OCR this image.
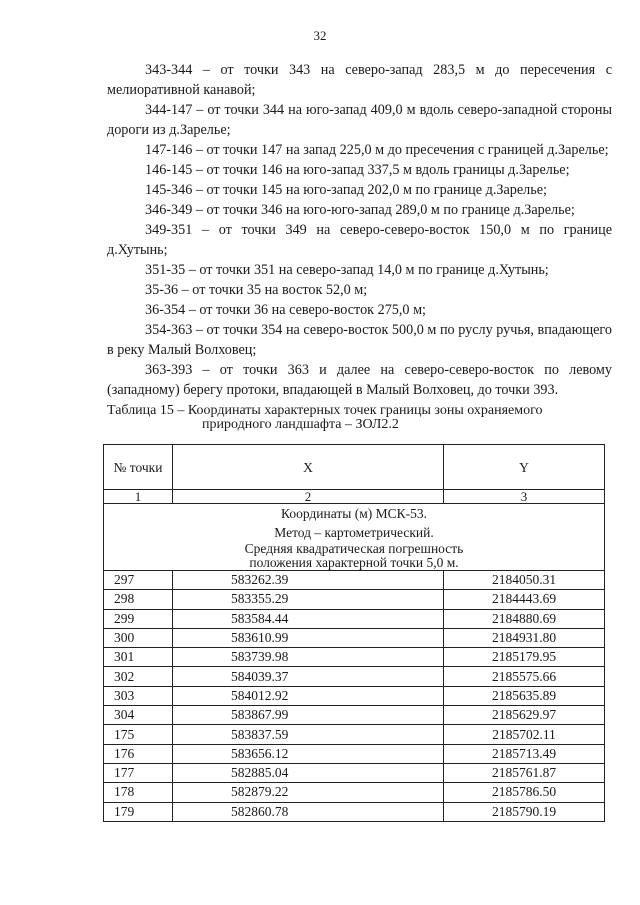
32

343-344 – от точки 343 на северо-запад 283,5 м до пересечения с мелиоративной канавой;

344-147 – от точки 344 на юго-запад 409,0 м вдоль северо-западной стороны дороги из д.Зарелье;

147-146 – от точки 147 на запад 225,0 м до пресечения с границей д.Зарелье;

146-145 – от точки 146 на юго-запад 337,5 м вдоль границы д.Зарелье;

145-346 – от точки 145 на юго-запад 202,0 м по границе д.Зарелье;

346-349 – от точки 346 на юго-юго-запад 289,0 м по границе д.Зарелье;

349-351 – от точки 349 на северо-северо-восток 150,0 м по границе д.Хутынь;

351-35 – от точки 351 на северо-запад 14,0 м по границе д.Хутынь;

35-36 – от точки 35 на восток 52,0 м;

36-354 – от точки 36 на северо-восток 275,0 м;

354-363 – от точки 354 на северо-восток 500,0 м по руслу ручья, впадающего в реку Малый Волховец;

363-393 – от точки 363 и далее на северо-северо-восток по левому (западному) берегу протоки, впадающей в Малый Волховец, до точки 393.

Таблица 15 – Координаты характерных точек границы зоны охраняемого
природного ландшафта – ЗОЛ2.2
№ точки	X	Y
1	2	3

Координаты (м) МСК-53.
Метод – картометрический.
Средняя квадратическая погрешность положения характерной точки 5,0 м.		

297	583262.39	2184050.31
298	583355.29	2184443.69
299	583584.44	2184880.69
300	583610.99	2184931.80
301	583739.98	2185179.95
302	584039.37	2185575.66
303	584012.92	2185635.89
304	583867.99	2185629.97
175	583837.59	2185702.11
176	583656.12	2185713.49
177	582885.04	2185761.87
178	582879.22	2185786.50
179	582860.78	2185790.19
